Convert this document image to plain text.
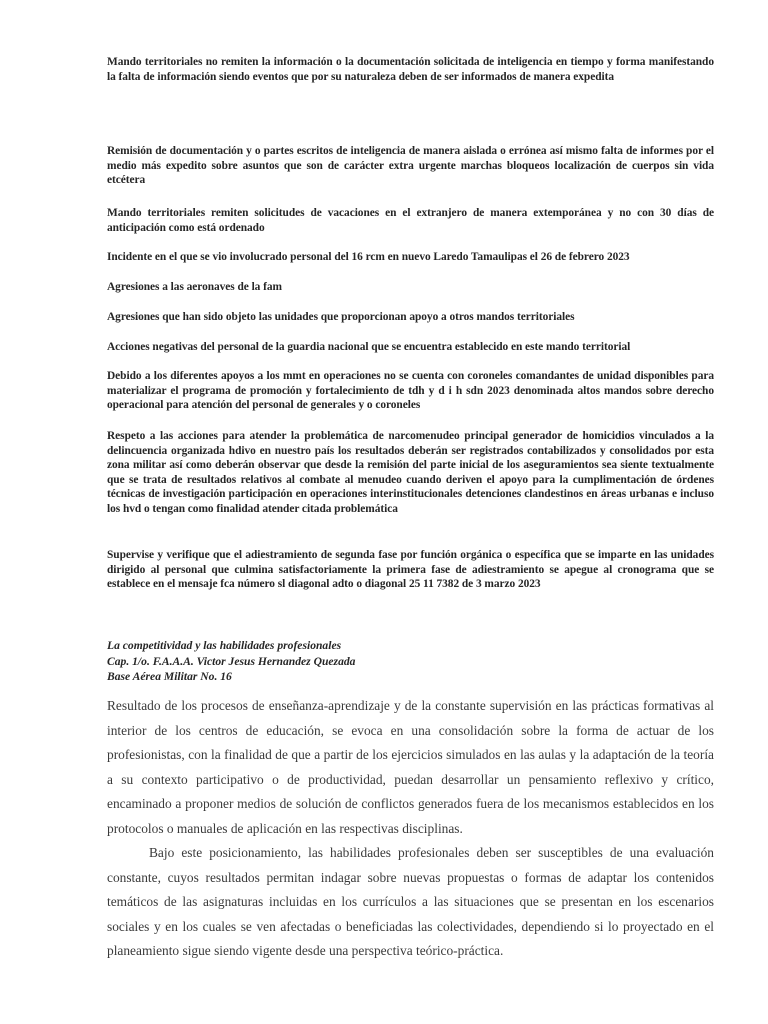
Mando territoriales no remiten la información o la documentación solicitada de inteligencia en tiempo y forma manifestando la falta de información siendo eventos que por su naturaleza deben de ser informados de manera expedita

Remisión de documentación y o partes escritos de inteligencia de manera aislada o errónea así mismo falta de informes por el medio más expedito sobre asuntos que son de carácter extra urgente marchas bloqueos localización de cuerpos sin vida etcétera

Mando territoriales remiten solicitudes de vacaciones en el extranjero de manera extemporánea y no con 30 días de anticipación como está ordenado

Incidente en el que se vio involucrado personal del 16 rcm en nuevo Laredo Tamaulipas el 26 de febrero 2023

Agresiones a las aeronaves de la fam

Agresiones que han sido objeto las unidades que proporcionan apoyo a otros mandos territoriales

Acciones negativas del personal de la guardia nacional que se encuentra establecido en este mando territorial

Debido a los diferentes apoyos a los mmt en operaciones no se cuenta con coroneles comandantes de unidad disponibles para materializar el programa de promoción y fortalecimiento de tdh y d i h sdn 2023 denominada altos mandos sobre derecho operacional para atención del personal de generales y o coroneles

Respeto a las acciones para atender la problemática de narcomenudeo principal generador de homicidios vinculados a la delincuencia organizada hdivo en nuestro país los resultados deberán ser registrados contabilizados y consolidados por esta zona militar así como deberán observar que desde la remisión del parte inicial de los aseguramientos sea siente textualmente que se trata de resultados relativos al combate al menudeo cuando deriven el apoyo para la cumplimentación de órdenes técnicas de investigación participación en operaciones interinstitucionales detenciones clandestinos en áreas urbanas e incluso los hvd o tengan como finalidad atender citada problemática

Supervise y verifique que el adiestramiento de segunda fase por función orgánica o específica que se imparte en las unidades dirigido al personal que culmina satisfactoriamente la primera fase de adiestramiento se apegue al cronograma que se establece en el mensaje fca número sl diagonal adto o diagonal 25 11 7382 de 3 marzo 2023

La competitividad y las habilidades profesionales
Cap. 1/o. F.A.A.A. Victor Jesus Hernandez Quezada
Base Aérea Militar No. 16

Resultado de los procesos de enseñanza-aprendizaje y de la constante supervisión en las prácticas formativas al interior de los centros de educación, se evoca en una consolidación sobre la forma de actuar de los profesionistas, con la finalidad de que a partir de los ejercicios simulados en las aulas y la adaptación de la teoría a su contexto participativo o de productividad, puedan desarrollar un pensamiento reflexivo y crítico, encaminado a proponer medios de solución de conflictos generados fuera de los mecanismos establecidos en los protocolos o manuales de aplicación en las respectivas disciplinas.

Bajo este posicionamiento, las habilidades profesionales deben ser susceptibles de una evaluación constante, cuyos resultados permitan indagar sobre nuevas propuestas o formas de adaptar los contenidos temáticos de las asignaturas incluidas en los currículos a las situaciones que se presentan en los escenarios sociales y en los cuales se ven afectadas o beneficiadas las colectividades, dependiendo si lo proyectado en el planeamiento sigue siendo vigente desde una perspectiva teórico-práctica.
